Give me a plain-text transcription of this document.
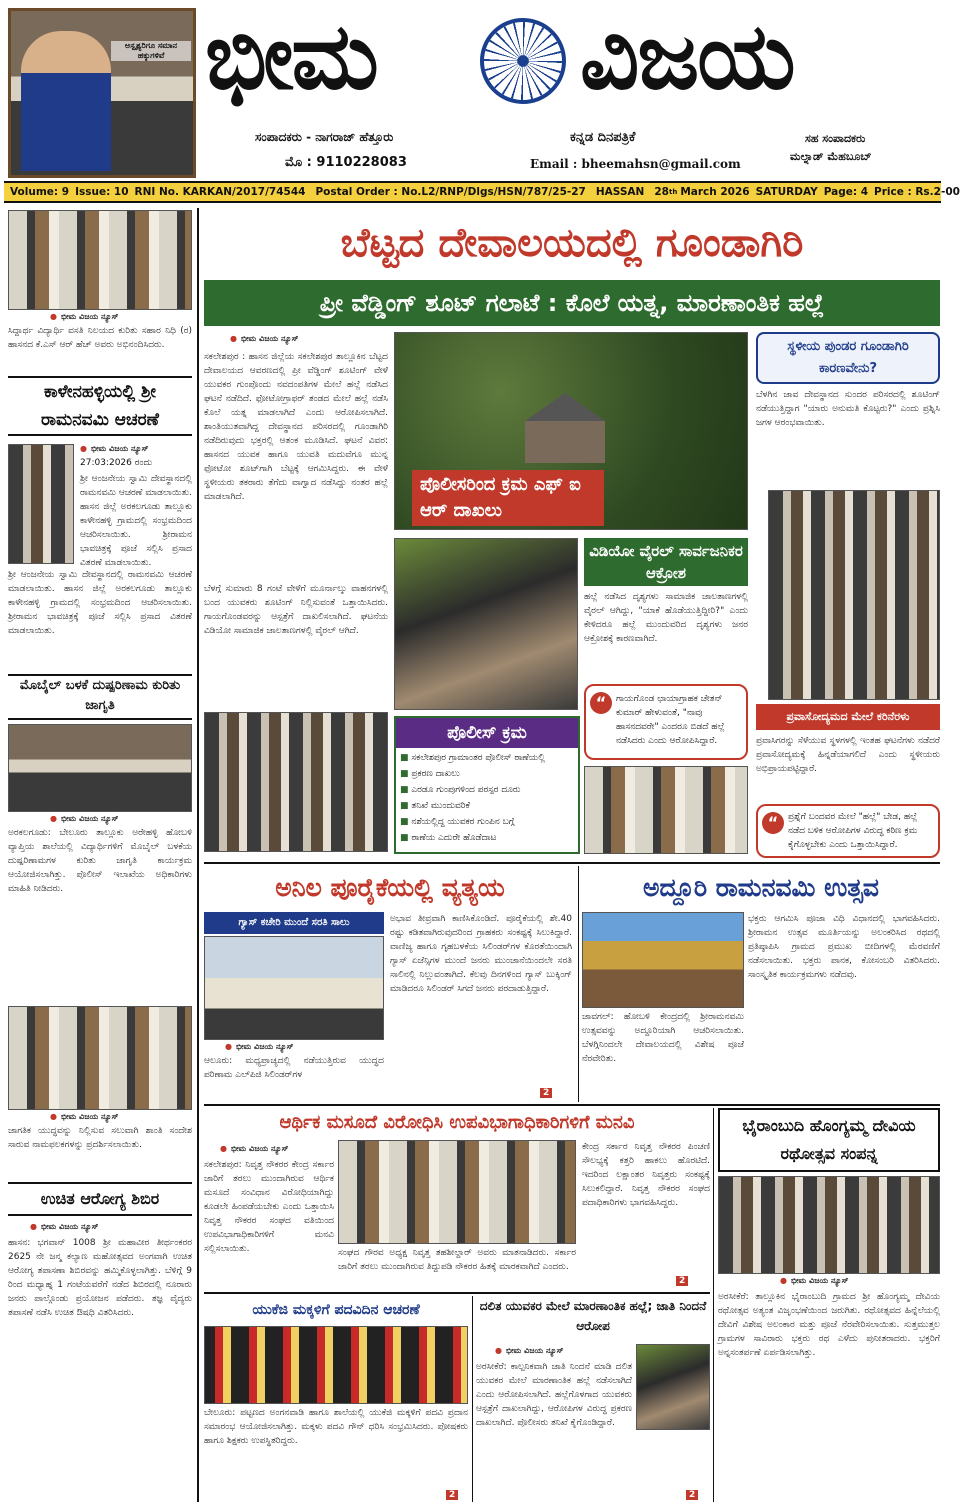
ಅಸ್ಪೃಶ್ಯರಿಗೂ ಸಮಾನ ಹಕ್ಕುಗಳಿವೆ ಭೀಮ ವಿಜಯ
ಸಂಪಾದಕರು - ನಾಗರಾಜ್ ಹೆತ್ತೂರು
ಮೊ : 9110228083
ಕನ್ನಡ ದಿನಪತ್ರಿಕೆ
Email : bheemahsn@gmail.com
ಸಹ ಸಂಪಾದಕರು
ಮಲ್ನಾಡ್ ಮೆಹಬೂಬ್
Volume: 9 Issue: 10 RNI No. KARKAN/2017/74544 Postal Order : No.L2/RNP/Dlgs/HSN/787/25-27 HASSAN 28 th March 2026 SATURDAY Page: 4 Price : Rs.2-00
● ಭೀಮ ವಿಜಯ ನ್ಯೂಸ್
ಸಿದ್ದಾರ್ಥ ವಿದ್ಯಾರ್ಥಿ ವಸತಿ ನಿಲಯದ ಕುರಿತು ಸಹಾರ ನಿಧಿ (ರ) ಹಾಸನದ ಕೆ.ಎಸ್ ಆರ್ ಹೆಚ್ ಅವರು ಅಭಿನಂದಿಸಿದರು.
ಕಾಳೇನಹಳ್ಳಿಯಲ್ಲಿ ಶ್ರೀ ರಾಮನವಮಿ ಆಚರಣೆ
● ಭೀಮ ವಿಜಯ ನ್ಯೂಸ್
27:03:2026 ರಂದು
ಶ್ರೀ ಆಂಜನೇಯ ಸ್ವಾಮಿ ದೇವಸ್ಥಾನದಲ್ಲಿ ರಾಮನವಮಿ ಆಚರಣೆ ಮಾಡಲಾಯಿತು. ಹಾಸನ ಜಿಲ್ಲೆ ಅರಕಲಗೂಡು ತಾಲ್ಲೂಕು ಕಾಳೇನಹಳ್ಳಿ ಗ್ರಾಮದಲ್ಲಿ ಸಂಭ್ರಮದಿಂದ ಆಚರಿಸಲಾಯಿತು. ಶ್ರೀರಾಮನ ಭಾವಚಿತ್ರಕ್ಕೆ ಪೂಜೆ ಸಲ್ಲಿಸಿ ಪ್ರಸಾದ ವಿತರಣೆ ಮಾಡಲಾಯಿತು.
ಶ್ರೀ ಆಂಜನೇಯ ಸ್ವಾಮಿ ದೇವಸ್ಥಾನದಲ್ಲಿ ರಾಮನವಮಿ ಆಚರಣೆ ಮಾಡಲಾಯಿತು. ಹಾಸನ ಜಿಲ್ಲೆ ಅರಕಲಗೂಡು ತಾಲ್ಲೂಕು ಕಾಳೇನಹಳ್ಳಿ ಗ್ರಾಮದಲ್ಲಿ ಸಂಭ್ರಮದಿಂದ ಆಚರಿಸಲಾಯಿತು. ಶ್ರೀರಾಮನ ಭಾವಚಿತ್ರಕ್ಕೆ ಪೂಜೆ ಸಲ್ಲಿಸಿ ಪ್ರಸಾದ ವಿತರಣೆ ಮಾಡಲಾಯಿತು.
ಮೊಬೈಲ್ ಬಳಕೆ ದುಷ್ಪರಿಣಾಮ ಕುರಿತು ಜಾಗೃತಿ
● ಭೀಮ ವಿಜಯ ನ್ಯೂಸ್
ಅರಕಲಗೂಡು: ಬೇಲೂರು ತಾಲ್ಲೂಕು ಅರೇಹಳ್ಳಿ ಹೋಬಳಿ ವ್ಯಾಪ್ತಿಯ ಶಾಲೆಯಲ್ಲಿ ವಿದ್ಯಾರ್ಥಿಗಳಿಗೆ ಮೊಬೈಲ್ ಬಳಕೆಯ ದುಷ್ಪರಿಣಾಮಗಳ ಕುರಿತು ಜಾಗೃತಿ ಕಾರ್ಯಕ್ರಮ ಆಯೋಜಿಸಲಾಗಿತ್ತು. ಪೊಲೀಸ್ ಇಲಾಖೆಯ ಅಧಿಕಾರಿಗಳು ಮಾಹಿತಿ ನೀಡಿದರು.
● ಭೀಮ ವಿಜಯ ನ್ಯೂಸ್
ಜಾಗತಿಕ ಯುದ್ಧವನ್ನು ನಿಲ್ಲಿಸುವ ಸಲುವಾಗಿ ಶಾಂತಿ ಸಂದೇಶ ಸಾರುವ ನಾಮಫಲಕಗಳನ್ನು ಪ್ರದರ್ಶಿಸಲಾಯಿತು.
ಉಚಿತ ಆರೋಗ್ಯ ಶಿಬಿರ
● ಭೀಮ ವಿಜಯ ನ್ಯೂಸ್
ಹಾಸನ: ಭಗವಾನ್ 1008 ಶ್ರೀ ಮಹಾವೀರ ತೀರ್ಥಂಕರರ 2625 ನೇ ಜನ್ಮ ಕಲ್ಯಾಣ ಮಹೋತ್ಸವದ ಅಂಗವಾಗಿ ಉಚಿತ ಆರೋಗ್ಯ ತಪಾಸಣಾ ಶಿಬಿರವನ್ನು ಹಮ್ಮಿಕೊಳ್ಳಲಾಗಿತ್ತು. ಬೆಳಿಗ್ಗೆ 9 ರಿಂದ ಮಧ್ಯಾಹ್ನ 1 ಗಂಟೆಯವರೆಗೆ ನಡೆದ ಶಿಬಿರದಲ್ಲಿ ನೂರಾರು ಜನರು ಪಾಲ್ಗೊಂಡು ಪ್ರಯೋಜನ ಪಡೆದರು. ತಜ್ಞ ವೈದ್ಯರು ತಪಾಸಣೆ ನಡೆಸಿ ಉಚಿತ ಔಷಧಿ ವಿತರಿಸಿದರು.
ಬೆಟ್ಟದ ದೇವಾಲಯದಲ್ಲಿ ಗೂಂಡಾಗಿರಿ
ಪ್ರೀ ವೆಡ್ಡಿಂಗ್ ಶೂಟ್ ಗಲಾಟೆ : ಕೊಲೆ ಯತ್ನ, ಮಾರಣಾಂತಿಕ ಹಲ್ಲೆ
● ಭೀಮ ವಿಜಯ ನ್ಯೂಸ್
ಸಕಲೇಶಪುರ : ಹಾಸನ ಜಿಲ್ಲೆಯ ಸಕಲೇಶಪುರ ತಾಲ್ಲೂಕಿನ ಬೆಟ್ಟದ ದೇವಾಲಯದ ಆವರಣದಲ್ಲಿ ಪ್ರೀ ವೆಡ್ಡಿಂಗ್ ಶೂಟಿಂಗ್ ವೇಳೆ ಯುವಕರ ಗುಂಪೊಂದು ನವದಂಪತಿಗಳ ಮೇಲೆ ಹಲ್ಲೆ ನಡೆಸಿದ ಘಟನೆ ನಡೆದಿದೆ. ಫೋಟೋಗ್ರಾಫರ್ ತಂಡದ ಮೇಲೆ ಹಲ್ಲೆ ನಡೆಸಿ ಕೊಲೆ ಯತ್ನ ಮಾಡಲಾಗಿದೆ ಎಂದು ಆರೋಪಿಸಲಾಗಿದೆ. ಶಾಂತಿಯುತವಾಗಿದ್ದ ದೇವಸ್ಥಾನದ ಪರಿಸರದಲ್ಲಿ ಗೂಂಡಾಗಿರಿ ನಡೆದಿರುವುದು ಭಕ್ತರಲ್ಲಿ ಆತಂಕ ಮೂಡಿಸಿದೆ. ಘಟನೆ ವಿವರ: ಹಾಸನದ ಯುವಕ ಹಾಗೂ ಯುವತಿ ಮದುವೆಗೂ ಮುನ್ನ ಫೋಟೋ ಶೂಟ್‌ಗಾಗಿ ಬೆಟ್ಟಕ್ಕೆ ಆಗಮಿಸಿದ್ದರು. ಈ ವೇಳೆ ಸ್ಥಳೀಯರು ತಕರಾರು ತೆಗೆದು ವಾಗ್ವಾದ ನಡೆಸಿದ್ದು ನಂತರ ಹಲ್ಲೆ ಮಾಡಲಾಗಿದೆ.
ಬೆಳಗ್ಗೆ ಸುಮಾರು 8 ಗಂಟೆ ವೇಳೆಗೆ ಮೂರ್ನಾಲ್ಕು ವಾಹನಗಳಲ್ಲಿ ಬಂದ ಯುವಕರು ಶೂಟಿಂಗ್ ನಿಲ್ಲಿಸುವಂತೆ ಒತ್ತಾಯಿಸಿದರು. ಗಾಯಗೊಂಡವರನ್ನು ಆಸ್ಪತ್ರೆಗೆ ದಾಖಲಿಸಲಾಗಿದೆ. ಘಟನೆಯ ವಿಡಿಯೋ ಸಾಮಾಜಿಕ ಜಾಲತಾಣಗಳಲ್ಲಿ ವೈರಲ್ ಆಗಿದೆ.
ಪೊಲೀಸರಿಂದ ಕ್ರಮ ಎಫ್ ಐ ಆರ್ ದಾಖಲು
ವಿಡಿಯೋ ವೈರಲ್ ಸಾರ್ವಜನಿಕರ ಆಕ್ರೋಶ
ಹಲ್ಲೆ ನಡೆಸಿದ ದೃಶ್ಯಗಳು ಸಾಮಾಜಿಕ ಜಾಲತಾಣಗಳಲ್ಲಿ ವೈರಲ್ ಆಗಿದ್ದು, "ಯಾಕೆ ಹೊಡೆಯುತ್ತಿದ್ದೀರಿ?" ಎಂದು ಕೇಳಿದರೂ ಹಲ್ಲೆ ಮುಂದುವರಿದ ದೃಶ್ಯಗಳು ಜನರ ಆಕ್ರೋಶಕ್ಕೆ ಕಾರಣವಾಗಿದೆ.
“	ಗಾಯಗೊಂಡ ಛಾಯಾಗ್ರಾಹಕ ಚೇತನ್ ಕುಮಾರ್ ಹೇಳುವಂತೆ, "ನಾವು ಹಾಸನದವರೇ" ಎಂದರೂ ಬಿಡದೆ ಹಲ್ಲೆ ನಡೆಸಿದರು ಎಂದು ಆರೋಪಿಸಿದ್ದಾರೆ.
ಪೊಲೀಸ್ ಕ್ರಮ
■ ಸಕಲೇಶಪುರ ಗ್ರಾಮಾಂತರ ಪೊಲೀಸ್ ಠಾಣೆಯಲ್ಲಿ
■ ಪ್ರಕರಣ ದಾಖಲು
■ ಎರಡೂ ಗುಂಪುಗಳಿಂದ ಪರಸ್ಪರ ದೂರು
■ ತನಿಖೆ ಮುಂದುವರಿಕೆ
■ ನಶೆಯಲ್ಲಿದ್ದ ಯುವಕರ ಗುಂಪಿನ ಬಗ್ಗೆ
■ ಠಾಣೆಯ ಎದುರೇ ಹೊಡೆದಾಟ
ಸ್ಥಳೀಯ ಪುಂಡರ ಗೂಂಡಾಗಿರಿ ಕಾರಣವೇನು?
ಬೆಳಗಿನ ಜಾವ ದೇವಸ್ಥಾನದ ಸುಂದರ ಪರಿಸರದಲ್ಲಿ ಶೂಟಿಂಗ್ ನಡೆಯುತ್ತಿದ್ದಾಗ "ಯಾರು ಅನುಮತಿ ಕೊಟ್ಟರು?" ಎಂದು ಪ್ರಶ್ನಿಸಿ ಜಗಳ ಆರಂಭವಾಯಿತು.
ಪ್ರವಾಸೋದ್ಯಮದ ಮೇಲೆ ಕರಿನೆರಳು
ಪ್ರವಾಸಿಗರನ್ನು ಸೆಳೆಯುವ ಸ್ಥಳಗಳಲ್ಲಿ ಇಂತಹ ಘಟನೆಗಳು ನಡೆದರೆ ಪ್ರವಾಸೋದ್ಯಮಕ್ಕೆ ಹಿನ್ನಡೆಯಾಗಲಿದೆ ಎಂದು ಸ್ಥಳೀಯರು ಅಭಿಪ್ರಾಯಪಟ್ಟಿದ್ದಾರೆ.
“	ಪ್ರಶ್ನೆಗೆ ಬಂದವರ ಮೇಲೆ "ಹಲ್ಲೆ" ಬೇಡ, ಹಲ್ಲೆ ನಡೆದ ಬಳಿಕ ಆರೋಪಿಗಳ ವಿರುದ್ಧ ಕಠಿಣ ಕ್ರಮ ಕೈಗೊಳ್ಳಬೇಕು ಎಂದು ಒತ್ತಾಯಿಸಿದ್ದಾರೆ.
ಅನಿಲ ಪೂರೈಕೆಯಲ್ಲಿ ವ್ಯತ್ಯಯ
ಗ್ಯಾಸ್ ಕಚೇರಿ ಮುಂದೆ ಸರತಿ ಸಾಲು
● ಭೀಮ ವಿಜಯ ನ್ಯೂಸ್
ಆಲೂರು: ಮಧ್ಯಪ್ರಾಚ್ಯದಲ್ಲಿ ನಡೆಯುತ್ತಿರುವ ಯುದ್ಧದ ಪರಿಣಾಮ ಎಲ್‌ಪಿಜಿ ಸಿಲಿಂಡರ್‌ಗಳ
ಅಭಾವ ತೀವ್ರವಾಗಿ ಕಾಣಿಸಿಕೊಂಡಿದೆ. ಪೂರೈಕೆಯಲ್ಲಿ ಶೇ.40 ರಷ್ಟು ಕಡಿತವಾಗಿರುವುದರಿಂದ ಗ್ರಾಹಕರು ಸಂಕಷ್ಟಕ್ಕೆ ಸಿಲುಕಿದ್ದಾರೆ. ವಾಣಿಜ್ಯ ಹಾಗೂ ಗೃಹಬಳಕೆಯ ಸಿಲಿಂಡರ್‌ಗಳ ಕೊರತೆಯಿಂದಾಗಿ ಗ್ಯಾಸ್ ಏಜೆನ್ಸಿಗಳ ಮುಂದೆ ಜನರು ಮುಂಜಾನೆಯಿಂದಲೇ ಸರತಿ ಸಾಲಿನಲ್ಲಿ ನಿಲ್ಲುವಂತಾಗಿದೆ. ಕೆಲವು ದಿನಗಳಿಂದ ಗ್ಯಾಸ್ ಬುಕ್ಕಿಂಗ್ ಮಾಡಿದರೂ ಸಿಲಿಂಡರ್ ಸಿಗದೆ ಜನರು ಪರದಾಡುತ್ತಿದ್ದಾರೆ.
2
ಅದ್ದೂರಿ ರಾಮನವಮಿ ಉತ್ಸವ
ಜಾವಗಲ್: ಹೋಬಳಿ ಕೇಂದ್ರದಲ್ಲಿ ಶ್ರೀರಾಮನವಮಿ ಉತ್ಸವವನ್ನು ಅದ್ದೂರಿಯಾಗಿ ಆಚರಿಸಲಾಯಿತು. ಬೆಳಗ್ಗಿನಿಂದಲೇ ದೇವಾಲಯದಲ್ಲಿ ವಿಶೇಷ ಪೂಜೆ ನೆರವೇರಿತು.
ಭಕ್ತರು ಆಗಮಿಸಿ ಪೂಜಾ ವಿಧಿ ವಿಧಾನದಲ್ಲಿ ಭಾಗವಹಿಸಿದರು. ಶ್ರೀರಾಮನ ಉತ್ಸವ ಮೂರ್ತಿಯನ್ನು ಅಲಂಕರಿಸಿದ ರಥದಲ್ಲಿ ಪ್ರತಿಷ್ಠಾಪಿಸಿ ಗ್ರಾಮದ ಪ್ರಮುಖ ಬೀದಿಗಳಲ್ಲಿ ಮೆರವಣಿಗೆ ನಡೆಸಲಾಯಿತು. ಭಕ್ತರು ಪಾನಕ, ಕೋಸಂಬರಿ ವಿತರಿಸಿದರು. ಸಾಂಸ್ಕೃತಿಕ ಕಾರ್ಯಕ್ರಮಗಳು ನಡೆದವು.
ಆರ್ಥಿಕ ಮಸೂದೆ ವಿರೋಧಿಸಿ ಉಪವಿಭಾಗಾಧಿಕಾರಿಗಳಿಗೆ ಮನವಿ
● ಭೀಮ ವಿಜಯ ನ್ಯೂಸ್
ಸಕಲೇಶಪುರ: ನಿವೃತ್ತ ನೌಕರರ ಕೇಂದ್ರ ಸರ್ಕಾರ ಜಾರಿಗೆ ತರಲು ಮುಂದಾಗಿರುವ ಆರ್ಥಿಕ ಮಸೂದೆ ಸಂವಿಧಾನ ವಿರೋಧಿಯಾಗಿದ್ದು ಕೂಡಲೇ ಹಿಂಪಡೆಯಬೇಕು ಎಂದು ಒತ್ತಾಯಿಸಿ ನಿವೃತ್ತ ನೌಕರರ ಸಂಘದ ವತಿಯಿಂದ ಉಪವಿಭಾಗಾಧಿಕಾರಿಗಳಿಗೆ ಮನವಿ ಸಲ್ಲಿಸಲಾಯಿತು.	ಸಂಘದ ಗೌರವ ಅಧ್ಯಕ್ಷ ನಿವೃತ್ತ ತಹಶೀಲ್ದಾರ್ ಅವರು ಮಾತನಾಡಿದರು. ಸರ್ಕಾರ ಜಾರಿಗೆ ತರಲು ಮುಂದಾಗಿರುವ ತಿದ್ದುಪಡಿ ನೌಕರರ ಹಿತಕ್ಕೆ ಮಾರಕವಾಗಿದೆ ಎಂದರು.
ಕೇಂದ್ರ ಸರ್ಕಾರ ನಿವೃತ್ತ ನೌಕರರ ಪಿಂಚಣಿ ಸೌಲಭ್ಯಕ್ಕೆ ಕತ್ತರಿ ಹಾಕಲು ಹೊರಟಿದೆ. ಇದರಿಂದ ಲಕ್ಷಾಂತರ ನಿವೃತ್ತರು ಸಂಕಷ್ಟಕ್ಕೆ ಸಿಲುಕಲಿದ್ದಾರೆ. ನಿವೃತ್ತ ನೌಕರರ ಸಂಘದ ಪದಾಧಿಕಾರಿಗಳು ಭಾಗವಹಿಸಿದ್ದರು.
2
ಭೈರಾಂಬುದಿ ಹೊಂಗ್ಯಮ್ಮ ದೇವಿಯ ರಥೋತ್ಸವ ಸಂಪನ್ನ
● ಭೀಮ ವಿಜಯ ನ್ಯೂಸ್
ಅರಸೀಕೆರೆ: ತಾಲ್ಲೂಕಿನ ಭೈರಾಂಬುದಿ ಗ್ರಾಮದ ಶ್ರೀ ಹೊಂಗ್ಯಮ್ಮ ದೇವಿಯ ರಥೋತ್ಸವ ಅತ್ಯಂತ ವಿಜೃಂಭಣೆಯಿಂದ ಜರುಗಿತು. ರಥೋತ್ಸವದ ಹಿನ್ನೆಲೆಯಲ್ಲಿ ದೇವಿಗೆ ವಿಶೇಷ ಅಲಂಕಾರ ಮತ್ತು ಪೂಜೆ ನೆರವೇರಿಸಲಾಯಿತು. ಸುತ್ತಮುತ್ತಲ ಗ್ರಾಮಗಳ ಸಾವಿರಾರು ಭಕ್ತರು ರಥ ಎಳೆದು ಪುನೀತರಾದರು. ಭಕ್ತರಿಗೆ ಅನ್ನಸಂತರ್ಪಣೆ ಏರ್ಪಡಿಸಲಾಗಿತ್ತು.
ಯುಕೆಜಿ ಮಕ್ಕಳಿಗೆ ಪದವಿದಿನ ಆಚರಣೆ
ಬೇಲೂರು: ಪಟ್ಟಣದ ಅಂಗನವಾಡಿ ಹಾಗೂ ಶಾಲೆಯಲ್ಲಿ ಯುಕೆಜಿ ಮಕ್ಕಳಿಗೆ ಪದವಿ ಪ್ರದಾನ ಸಮಾರಂಭ ಆಯೋಜಿಸಲಾಗಿತ್ತು. ಮಕ್ಕಳು ಪದವಿ ಗೌನ್ ಧರಿಸಿ ಸಂಭ್ರಮಿಸಿದರು. ಪೋಷಕರು ಹಾಗೂ ಶಿಕ್ಷಕರು ಉಪಸ್ಥಿತರಿದ್ದರು.
2
ದಲಿತ ಯುವಕರ ಮೇಲೆ ಮಾರಣಾಂತಿಕ ಹಲ್ಲೆ; ಜಾತಿ ನಿಂದನೆ ಆರೋಪ
● ಭೀಮ ವಿಜಯ ನ್ಯೂಸ್
ಅರಸೀಕೆರೆ: ಕಾಲ್ಪನಿಕವಾಗಿ ಜಾತಿ ನಿಂದನೆ ಮಾಡಿ ದಲಿತ ಯುವಕರ ಮೇಲೆ ಮಾರಣಾಂತಿಕ ಹಲ್ಲೆ ನಡೆಸಲಾಗಿದೆ ಎಂದು ಆರೋಪಿಸಲಾಗಿದೆ. ಹಲ್ಲೆಗೊಳಗಾದ ಯುವಕರು ಆಸ್ಪತ್ರೆಗೆ ದಾಖಲಾಗಿದ್ದು, ಆರೋಪಿಗಳ ವಿರುದ್ಧ ಪ್ರಕರಣ ದಾಖಲಾಗಿದೆ. ಪೊಲೀಸರು ತನಿಖೆ ಕೈಗೊಂಡಿದ್ದಾರೆ.
2
